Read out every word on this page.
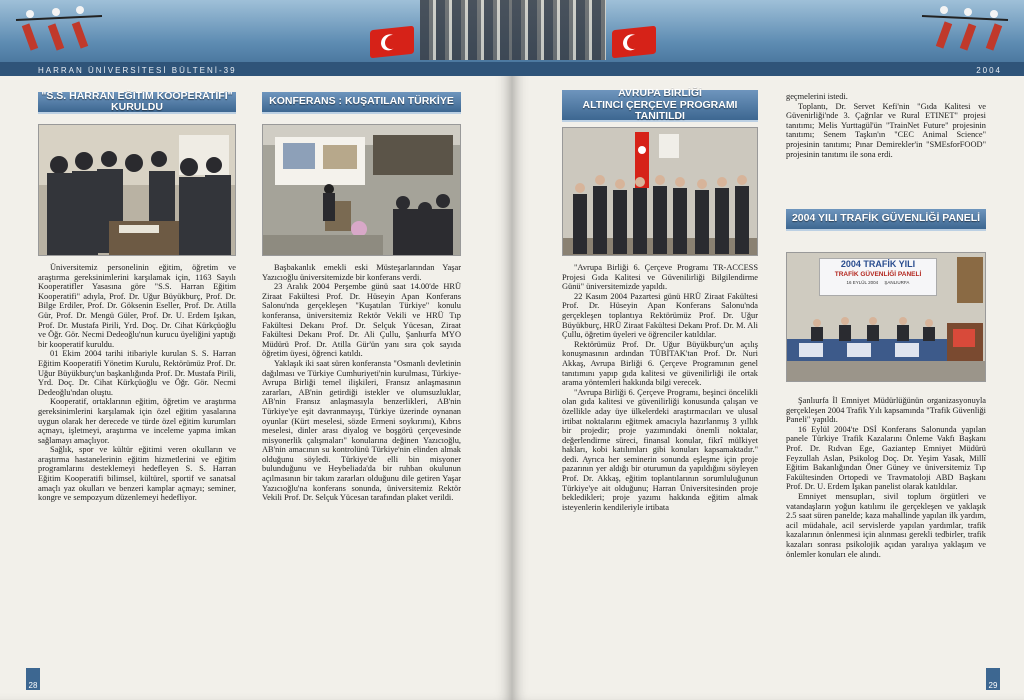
HARRAN ÜNİVERSİTESİ BÜLTENİ-39
"S.S. HARRAN EĞİTİM KOOPERATİFİ" KURULDU

Üniversitemiz personelinin eğitim, öğretim ve araştırma gereksinimlerini karşılamak için, 1163 Sayılı Kooperatifler Yasasına göre "S.S. Harran Eğitim Kooperatifi" adıyla, Prof. Dr. Uğur Büyükburç, Prof. Dr. Bilge Erdiler, Prof. Dr. Göksenin Eseller, Prof. Dr. Atilla Gür, Prof. Dr. Mengü Güler, Prof. Dr. U. Erdem Işıkan, Prof. Dr. Mustafa Pirili, Yrd. Doç. Dr. Cihat Kürkçüoğlu ve Öğr. Gör. Necmi Dedeoğlu'nun kurucu üyeliğini yaptığı bir kooperatif kuruldu.

01 Ekim 2004 tarihi itibariyle kurulan S. S. Harran Eğitim Kooperatifi Yönetim Kurulu, Rektörümüz Prof. Dr. Uğur Büyükburç'un başkanlığında Prof. Dr. Mustafa Pirili, Yrd. Doç. Dr. Cihat Kürkçüoğlu ve Öğr. Gör. Necmi Dedeoğlu'ndan oluştu.

Kooperatif, ortaklarının eğitim, öğretim ve araştırma gereksinimlerini karşılamak için özel eğitim yasalarına uygun olarak her derecede ve türde özel eğitim kurumları açmayı, işletmeyi, araştırma ve inceleme yapma imkan sağlamayı amaçlıyor.

Sağlık, spor ve kültür eğitimi veren okulların ve araştırma hastanelerinin eğitim hizmetlerini ve eğitim programlarını desteklemeyi hedefleyen S. S. Harran Eğitim Kooperatifi bilimsel, kültürel, sportif ve sanatsal amaçlı yaz okulları ve benzeri kamplar açmayı; seminer, kongre ve sempozyum düzenlemeyi hedefliyor.

KONFERANS : KUŞATILAN TÜRKİYE

Başbakanlık emekli eski Müsteşarlarından Yaşar Yazıcıoğlu üniversitemizde bir konferans verdi.

23 Aralık 2004 Perşembe günü saat 14.00'de HRÜ Ziraat Fakültesi Prof. Dr. Hüseyin Apan Konferans Salonu'nda gerçekleşen "Kuşatılan Türkiye" konulu konferansa, üniversitemiz Rektör Vekili ve HRÜ Tıp Fakültesi Dekanı Prof. Dr. Selçuk Yücesan, Ziraat Fakültesi Dekanı Prof. Dr. Ali Çullu, Şanlıurfa MYO Müdürü Prof. Dr. Atilla Gür'ün yanı sıra çok sayıda öğretim üyesi, öğrenci katıldı.

Yaklaşık iki saat süren konferansta "Osmanlı devletinin dağılması ve Türkiye Cumhuriyeti'nin kurulması, Türkiye- Avrupa Birliği temel ilişkileri, Fransız anlaşmasının zararları, AB'nin getirdiği istekler ve olumsuzluklar, AB'nin Fransız anlaşmasıyla benzerlikleri, AB'nin Türkiye'ye eşit davranmayışı, Türkiye üzerinde oynanan oyunlar (Kürt meselesi, sözde Ermeni soykırımı), Kıbrıs meselesi, dinler arası diyalog ve boşgörü çerçevesinde misyonerlik çalışmaları" konularına değinen Yazıcıoğlu, AB'nin amacının su kontrolünü Türkiye'nin elinden almak olduğunu söyledi. Türkiye'de elli bin misyoner bulunduğunu ve Heybeliada'da bir ruhban okulunun açılmasının bir takım zararları olduğunu dile getiren Yaşar Yazıcıoğlu'na konferans sonunda, üniversitemiz Rektör Vekili Prof. Dr. Selçuk Yücesan tarafından plaket verildi.

28
2004
AVRUPA BİRLİĞİ
ALTINCI ÇERÇEVE PROGRAMI TANITILDI

"Avrupa Birliği 6. Çerçeve Programı TR-ACCESS Projesi Gıda Kalitesi ve Güvenilirliği Bilgilendirme Günü" üniversitemizde yapıldı.

22 Kasım 2004 Pazartesi günü HRÜ Ziraat Fakültesi Prof. Dr. Hüseyin Apan Konferans Salonu'nda gerçekleşen toplantıya Rektörümüz Prof. Dr. Uğur Büyükburç, HRÜ Ziraat Fakültesi Dekanı Prof. Dr. M. Ali Çullu, öğretim üyeleri ve öğrenciler katıldılar.

Rektörümüz Prof. Dr. Uğur Büyükburç'un açılış konuşmasının ardından TÜBİTAK'tan Prof. Dr. Nuri Akkaş, Avrupa Birliği 6. Çerçeve Programının genel tanıtımını yapıp gıda kalitesi ve güvenilirliği ile ortak arama yöntemleri hakkında bilgi verecek.

"Avrupa Birliği 6. Çerçeve Programı, beşinci öncelikli olan gıda kalitesi ve güvenilirliği konusunda çalışan ve özellikle aday üye ülkelerdeki araştırmacıları ve ulusal irtibat noktalarını eğitmek amacıyla hazırlanmış 3 yıllık bir projedir; proje yazımındaki önemli noktalar, değerlendirme süreci, finansal konular, fikrî mülkiyet hakları, kobi katılımları gibi konuları kapsamaktadır." dedi. Ayrıca her seminerin sonunda eşleşme için proje pazarının yer aldığı bir oturumun da yapıldığını söyleyen Prof. Dr. Akkaş, eğitim toplantılarının sorumluluğunun Türkiye'ye ait olduğunu; Harran Üniversitesinden proje bekledikleri; proje yazımı hakkında eğitim almak isteyenlerin kendileriyle irtibata

geçmelerini istedi.

Toplantı, Dr. Servet Kefi'nin "Gıda Kalitesi ve Güvenirliği'nde 3. Çağrılar ve Rural ETINET" projesi tanıtımı; Melis Yurttagül'ün "TrainNet Future" projesinin tanıtımı; Senem Taşkın'ın "CEC Animal Science" projesinin tanıtımı; Pınar Demirekler'in "SMEsforFOOD" projesinin tanıtımı ile sona erdi.

2004 YILI TRAFİK GÜVENLİĞİ PANELİ
2004 TRAFİK YILI
TRAFİK GÜVENLİĞİ PANELİ
16 EYLÜL 2004 ŞANLIURFA

Şanlıurfa İl Emniyet Müdürlüğünün organizasyonuyla gerçekleşen 2004 Trafik Yılı kapsamında "Trafik Güvenliği Paneli" yapıldı.

16 Eylül 2004'te DSİ Konferans Salonunda yapılan panele Türkiye Trafik Kazalarını Önleme Vakfı Başkanı Prof. Dr. Rıdvan Ege, Gaziantep Emniyet Müdürü Feyzullah Aslan, Psikolog Doç. Dr. Yeşim Yasak, Millî Eğitim Bakanlığından Öner Güney ve üniversitemiz Tıp Fakültesinden Ortopedi ve Travmatoloji ABD Başkanı Prof. Dr. U. Erdem Işıkan panelist olarak katıldılar.

Emniyet mensupları, sivil toplum örgütleri ve vatandaşların yoğun katılımı ile gerçekleşen ve yaklaşık 2.5 saat süren panelde; kaza mahallinde yapılan ilk yardım, acil müdahale, acil servislerde yapılan yardımlar, trafik kazalarının önlenmesi için alınması gerekli tedbirler, trafik kazaları sonrası psikolojik açıdan yaralıya yaklaşım ve önlemler konuları ele alındı.

29
